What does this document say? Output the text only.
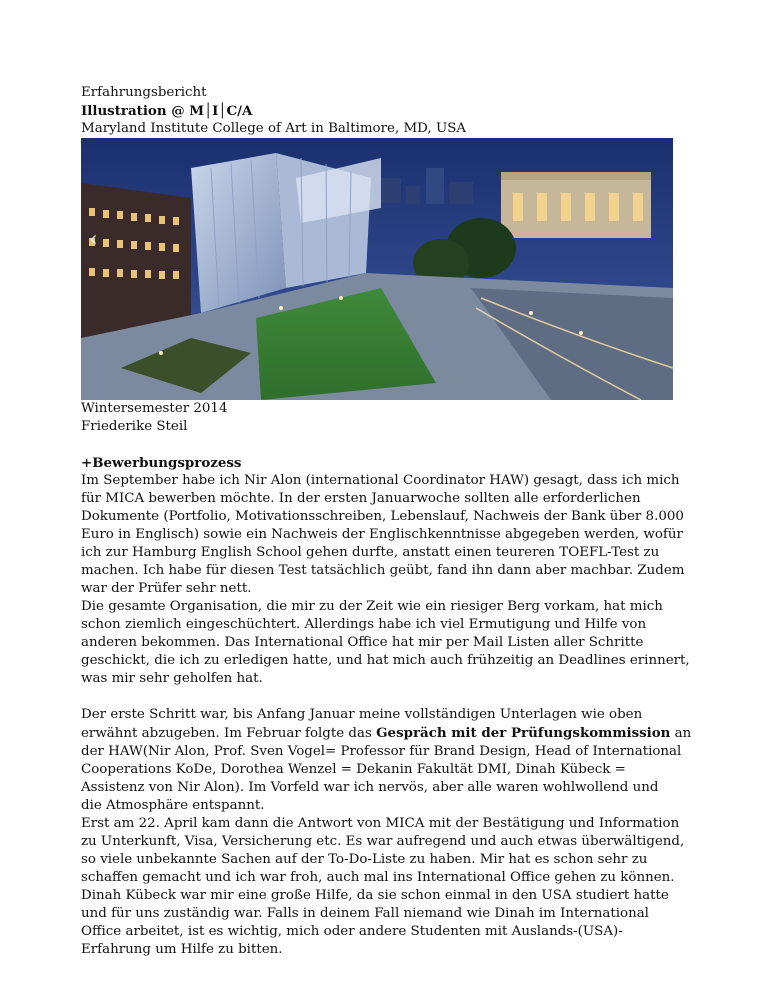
Erfahrungsbericht

Illustration @ M│I│C/A

Maryland Institute College of Art in Baltimore, MD, USA

‹

Wintersemester 2014

Friederike Steil

+Bewerbungsprozess

Im September habe ich Nir Alon (international Coordinator HAW) gesagt, dass ich mich

für MICA bewerben möchte. In der ersten Januarwoche sollten alle erforderlichen

Dokumente (Portfolio, Motivationsschreiben, Lebenslauf, Nachweis der Bank über 8.000

Euro in Englisch) sowie ein Nachweis der Englischkenntnisse abgegeben werden, wofür

ich zur Hamburg English School gehen durfte, anstatt einen teureren TOEFL-Test zu

machen. Ich habe für diesen Test tatsächlich geübt, fand ihn dann aber machbar. Zudem

war der Prüfer sehr nett.

Die gesamte Organisation, die mir zu der Zeit wie ein riesiger Berg vorkam, hat mich

schon ziemlich eingeschüchtert. Allerdings habe ich viel Ermutigung und Hilfe von

anderen bekommen. Das International Office hat mir per Mail Listen aller Schritte

geschickt, die ich zu erledigen hatte, und hat mich auch frühzeitig an Deadlines erinnert,

was mir sehr geholfen hat.

Der erste Schritt war, bis Anfang Januar meine vollständigen Unterlagen wie oben

erwähnt abzugeben. Im Februar folgte das Gespräch mit der Prüfungskommission an

der HAW(Nir Alon, Prof. Sven Vogel= Professor für Brand Design, Head of International

Cooperations KoDe, Dorothea Wenzel = Dekanin Fakultät DMI, Dinah Kübeck =

Assistenz von Nir Alon). Im Vorfeld war ich nervös, aber alle waren wohlwollend und

die Atmosphäre entspannt.

Erst am 22. April kam dann die Antwort von MICA mit der Bestätigung und Information

zu Unterkunft, Visa, Versicherung etc. Es war aufregend und auch etwas überwältigend,

so viele unbekannte Sachen auf der To-Do-Liste zu haben. Mir hat es schon sehr zu

schaffen gemacht und ich war froh, auch mal ins International Office gehen zu können.

Dinah Kübeck war mir eine große Hilfe, da sie schon einmal in den USA studiert hatte

und für uns zuständig war. Falls in deinem Fall niemand wie Dinah im International

Office arbeitet, ist es wichtig, mich oder andere Studenten mit Auslands-(USA)-

Erfahrung um Hilfe zu bitten.
